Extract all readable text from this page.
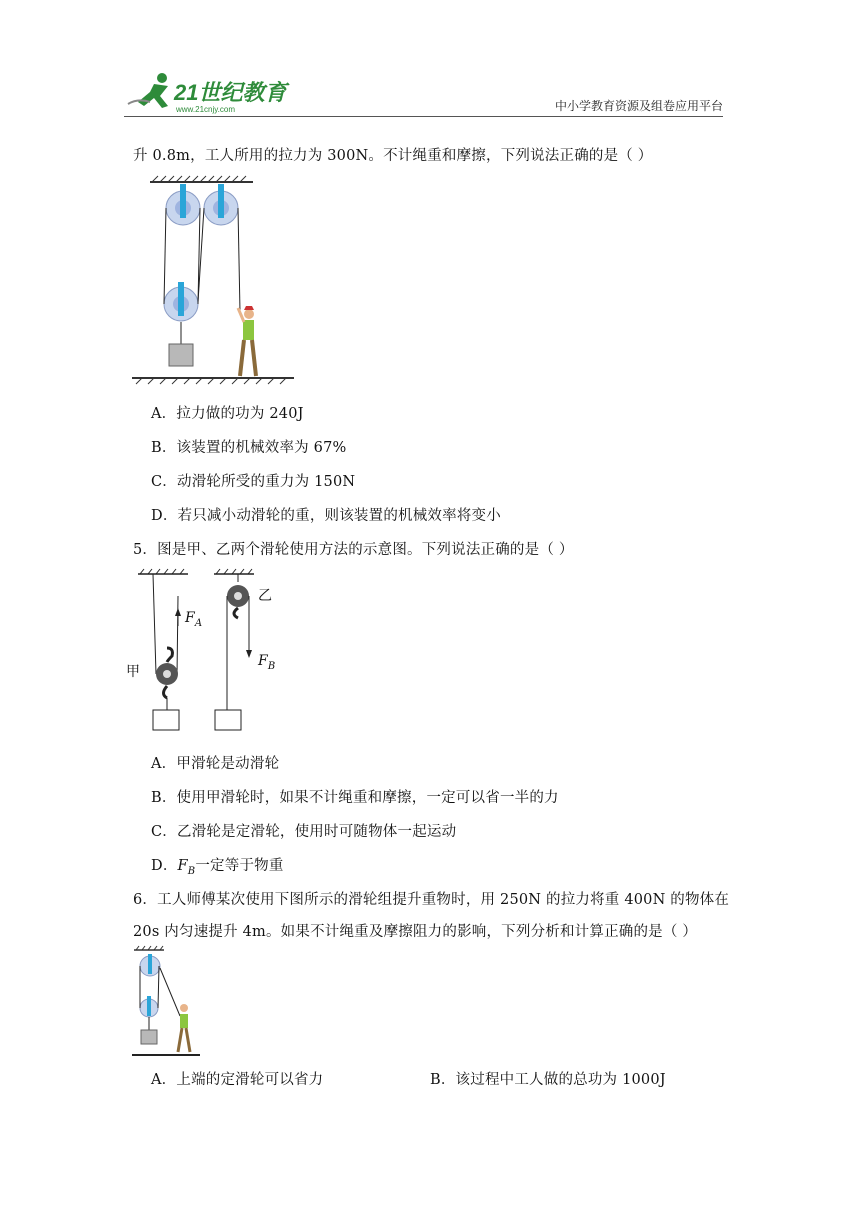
21世纪教育
www.21cnjy.com	中小学教育资源及组卷应用平台
升 0.8m，工人所用的拉力为 300N。不计绳重和摩擦，下列说法正确的是（ ）
A．拉力做的功为 240J
B．该装置的机械效率为 67%
C．动滑轮所受的重力为 150N
D．若只减小动滑轮的重，则该装置的机械效率将变小
5．图是甲、乙两个滑轮使用方法的示意图。下列说法正确的是（ ）
甲
乙
$F_A$
$F_B$
A．甲滑轮是动滑轮
B．使用甲滑轮时，如果不计绳重和摩擦，一定可以省一半的力
C．乙滑轮是定滑轮，使用时可随物体一起运动
D．$F_B$一定等于物重
6．工人师傅某次使用下图所示的滑轮组提升重物时，用 250N 的拉力将重 400N 的物体在
20s 内匀速提升 4m。如果不计绳重及摩擦阻力的影响，下列分析和计算正确的是（ ）
A．上端的定滑轮可以省力	B．该过程中工人做的总功为 1000J
